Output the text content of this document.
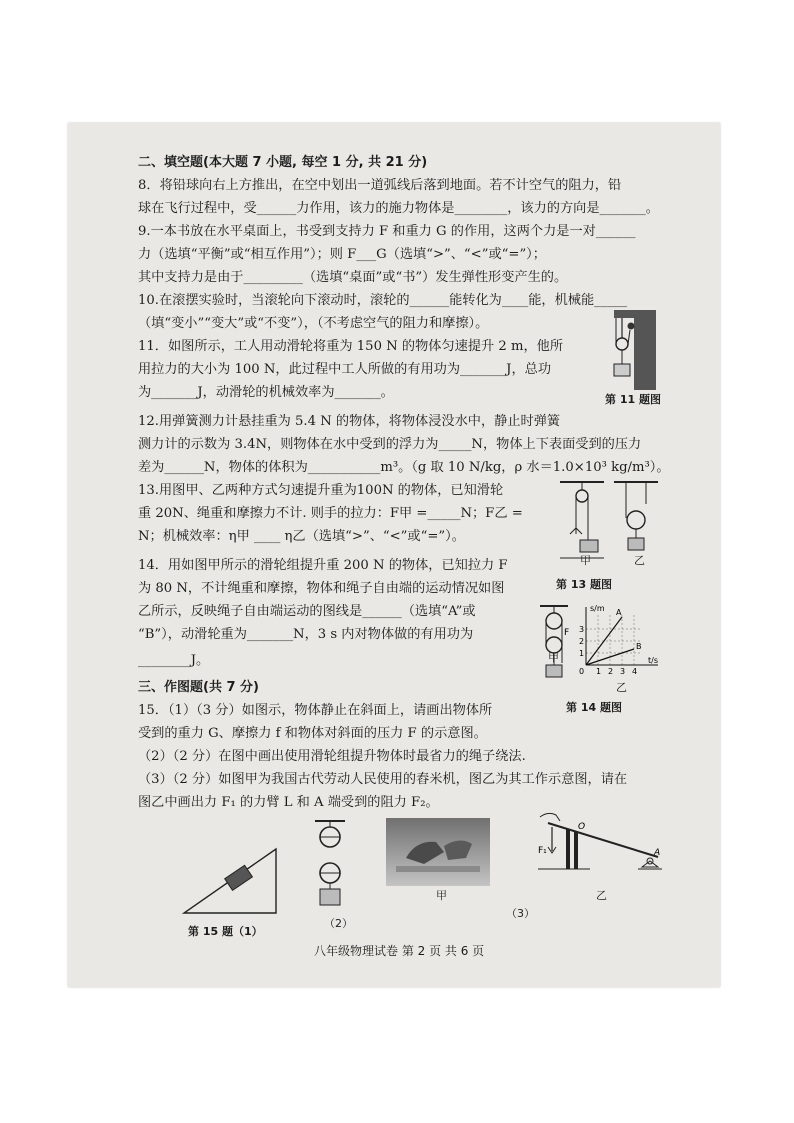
二、填空题(本大题 7 小题, 每空 1 分, 共 21 分)
8．将铅球向右上方推出，在空中划出一道弧线后落到地面。若不计空气的阻力，铅
球在飞行过程中，受______力作用，该力的施力物体是________，该力的方向是_______。
9.一本书放在水平桌面上，书受到支持力 F 和重力 G 的作用，这两个力是一对______
力（选填“平衡”或“相互作用”）；则 F___G（选填“>”、“<”或“=”）；
其中支持力是由于_________（选填“桌面”或“书”）发生弹性形变产生的。
10.在滚摆实验时，当滚轮向下滚动时，滚轮的______能转化为____能，机械能_____
（填“变小”“变大”或“不变”），（不考虑空气的阻力和摩擦）。
11．如图所示，工人用动滑轮将重为 150 N 的物体匀速提升 2 m，他所
用拉力的大小为 100 N，此过程中工人所做的有用功为_______J，总功
为_______J，动滑轮的机械效率为_______。
12.用弹簧测力计悬挂重为 5.4 N 的物体，将物体浸没水中，静止时弹簧
测力计的示数为 3.4N，则物体在水中受到的浮力为_____N，物体上下表面受到的压力
差为______N，物体的体积为___________m³。（g 取 10 N/kg，ρ 水＝1.0×10³ kg/m³）。
13.用图甲、乙两种方式匀速提升重为100N 的物体，已知滑轮
重 20N、绳重和摩擦力不计. 则手的拉力：F甲 =_____N；F乙 =
N；机械效率：η甲 ____ η乙（选填“>”、“<”或“=”）。
14．用如图甲所示的滑轮组提升重 200 N 的物体，已知拉力 F
为 80 N，不计绳重和摩擦，物体和绳子自由端的运动情况如图
乙所示，反映绳子自由端运动的图线是______（选填“A”或
“B”），动滑轮重为_______N，3 s 内对物体做的有用功为
________J。
三、作图题(共 7 分)
15．（1）（3 分）如图示，物体静止在斜面上，请画出物体所
受到的重力 G、摩擦力 f 和物体对斜面的压力 F 的示意图。
（2）（2 分）在图中画出使用滑轮组提升物体时最省力的绳子绕法.
（3）（2 分）如图甲为我国古代劳动人民使用的舂米机，图乙为其工作示意图，请在
图乙中画出力 F₁ 的力臂 L 和 A 端受到的阻力 F₂。
第 11 题图
甲	乙
第 13 题图
F
甲
s/m
t/s
0
1
2
3
1 2 3 4
A
B
乙
第 14 题图
第 15 题（1）
（2）
甲
F₁
O
A
乙
（3）
八年级物理试卷 第 2 页 共 6 页
